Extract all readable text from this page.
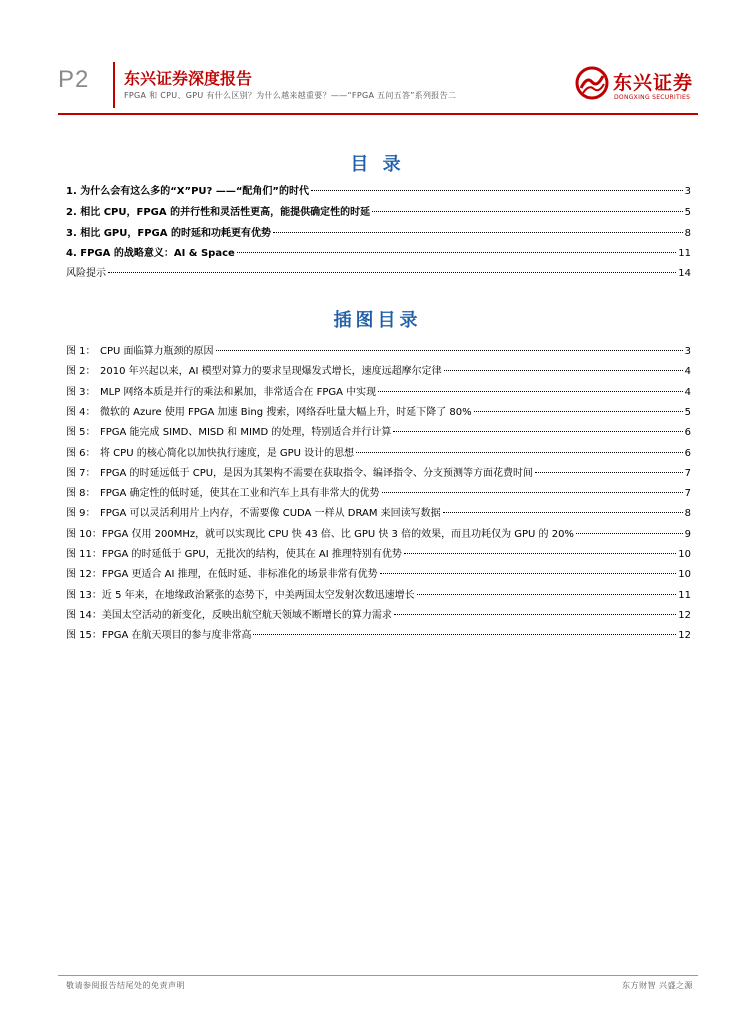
P2 东兴证券深度报告
FPGA 和 CPU、GPU 有什么区别？为什么越来越重要？——“FPGA 五问五答”系列报告二
东兴证券
DONGXING SECURITIES
目 录
1. 为什么会有这么多的“X”PU? ——“配角们”的时代	3
2. 相比 CPU，FPGA 的并行性和灵活性更高，能提供确定性的时延	5
3. 相比 GPU，FPGA 的时延和功耗更有优势	8
4. FPGA 的战略意义：AI & Space	11
风险提示	14
插图目录
图 1： CPU 面临算力瓶颈的原因	3
图 2： 2010 年兴起以来，AI 模型对算力的要求呈现爆发式增长，速度远超摩尔定律	4
图 3： MLP 网络本质是并行的乘法和累加，非常适合在 FPGA 中实现	4
图 4： 微软的 Azure 使用 FPGA 加速 Bing 搜索，网络吞吐量大幅上升，时延下降了 80%	5
图 5： FPGA 能完成 SIMD、MISD 和 MIMD 的处理，特别适合并行计算	6
图 6： 将 CPU 的核心简化以加快执行速度，是 GPU 设计的思想	6
图 7： FPGA 的时延远低于 CPU，是因为其架构不需要在获取指令、编译指令、分支预测等方面花费时间	7
图 8： FPGA 确定性的低时延，使其在工业和汽车上具有非常大的优势	7
图 9： FPGA 可以灵活利用片上内存，不需要像 CUDA 一样从 DRAM 来回读写数据	8
图 10： FPGA 仅用 200MHz，就可以实现比 CPU 快 43 倍、比 GPU 快 3 倍的效果，而且功耗仅为 GPU 的 20%	9
图 11： FPGA 的时延低于 GPU，无批次的结构，使其在 AI 推理特别有优势	10
图 12： FPGA 更适合 AI 推理，在低时延、非标准化的场景非常有优势	10
图 13： 近 5 年来，在地缘政治紧张的态势下，中美两国太空发射次数迅速增长	11
图 14： 美国太空活动的新变化，反映出航空航天领域不断增长的算力需求	12
图 15： FPGA 在航天项目的参与度非常高	12
敬请参阅报告结尾处的免责声明	东方财智 兴盛之源
